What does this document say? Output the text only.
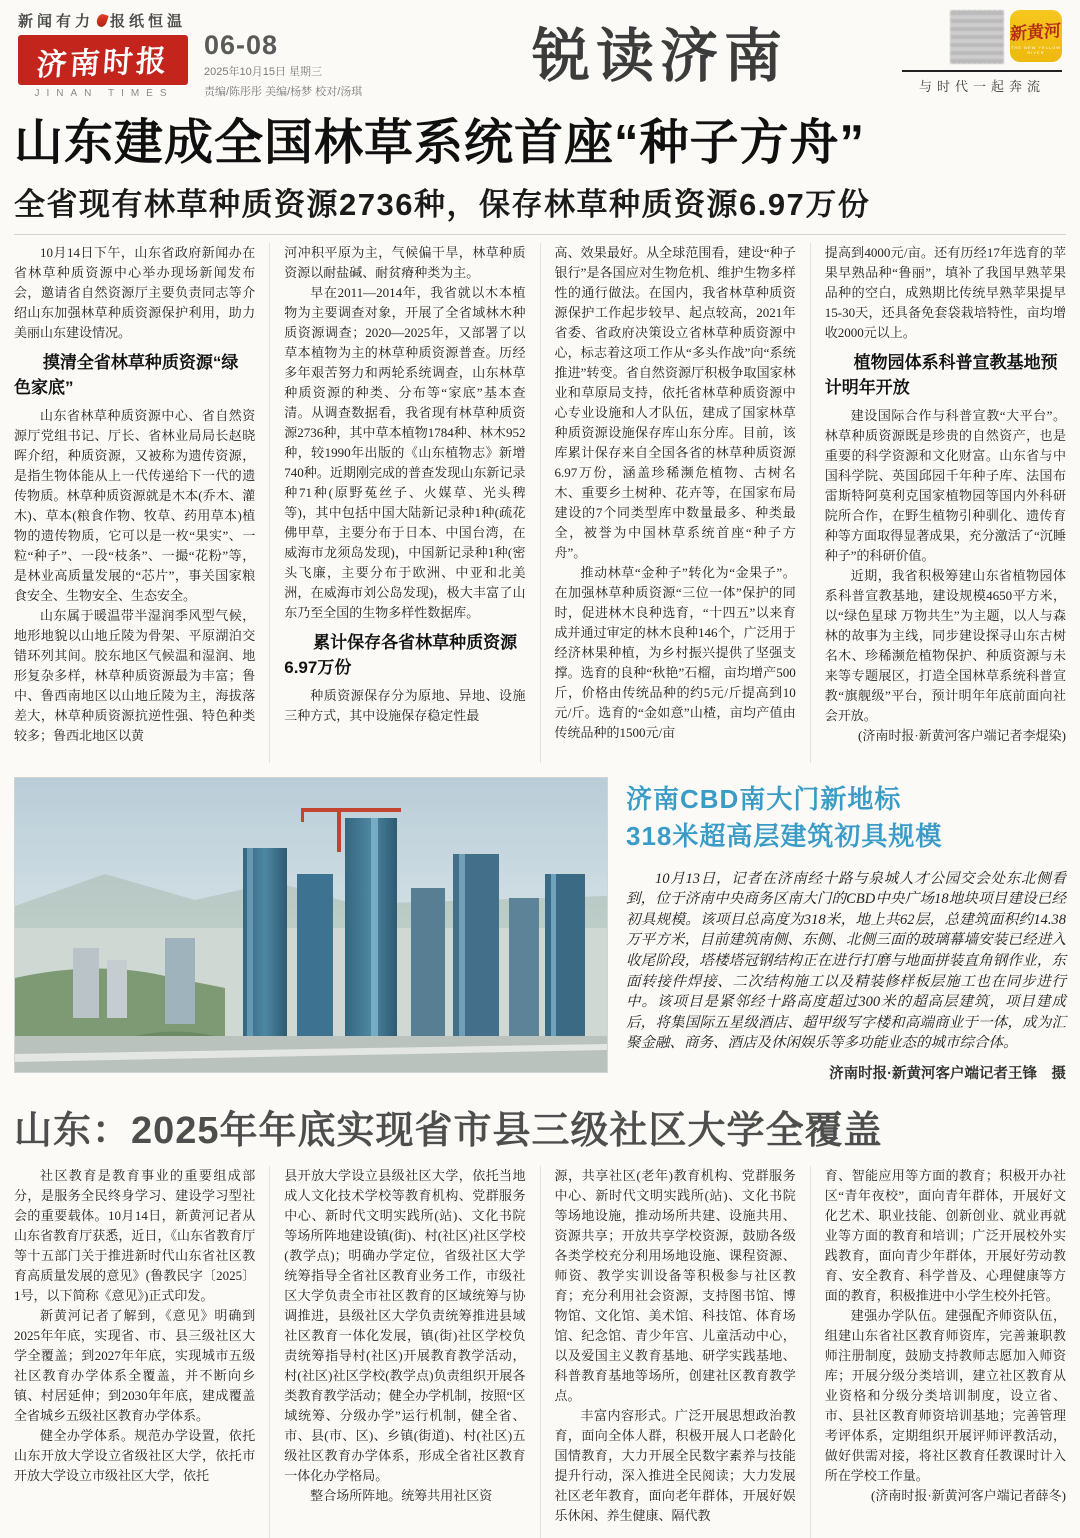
新闻有力 报纸恒温
济南时报
JINAN TIMES
06-08
2025年10月15日 星期三
责编/陈彤彤 美编/杨梦 校对/汤琪
锐读济南	新黄河
THE NEW YELLOW RIVER
与时代一起奔流
山东建成全国林草系统首座“种子方舟”
全省现有林草种质资源2736种，保存林草种质资源6.97万份

10月14日下午，山东省政府新闻办在省林草种质资源中心举办现场新闻发布会，邀请省自然资源厅主要负责同志等介绍山东加强林草种质资源保护利用，助力美丽山东建设情况。

摸清全省林草种质资源“绿色家底”

山东省林草种质资源中心、省自然资源厅党组书记、厅长、省林业局局长赵晓晖介绍，种质资源，又被称为遗传资源，是指生物体能从上一代传递给下一代的遗传物质。林草种质资源就是木本(乔木、灌木)、草本(粮食作物、牧草、药用草本)植物的遗传物质，它可以是一枚“果实”、一粒“种子”、一段“枝条”、一撮“花粉”等，是林业高质量发展的“芯片”，事关国家粮食安全、生物安全、生态安全。

山东属于暖温带半湿润季风型气候，地形地貌以山地丘陵为骨架、平原湖泊交错环列其间。胶东地区气候温和湿润、地形复杂多样，林草种质资源最为丰富；鲁中、鲁西南地区以山地丘陵为主，海拔落差大，林草种质资源抗逆性强、特色种类较多；鲁西北地区以黄

河冲积平原为主，气候偏干旱，林草种质资源以耐盐碱、耐贫瘠种类为主。

早在2011—2014年，我省就以木本植物为主要调查对象，开展了全省域林木种质资源调查；2020—2025年，又部署了以草本植物为主的林草种质资源普查。历经多年艰苦努力和两轮系统调查，山东林草种质资源的种类、分布等“家底”基本查清。从调查数据看，我省现有林草种质资源2736种，其中草本植物1784种、林木952种，较1990年出版的《山东植物志》新增740种。近期刚完成的普查发现山东新记录种71种(原野菟丝子、火媒草、光头稗等)，其中包括中国大陆新记录种1种(疏花佛甲草，主要分布于日本、中国台湾，在威海市龙须岛发现)，中国新记录种1种(密头飞廉，主要分布于欧洲、中亚和北美洲，在威海市刘公岛发现)，极大丰富了山东乃至全国的生物多样性数据库。

累计保存各省林草种质资源6.97万份

种质资源保存分为原地、异地、设施三种方式，其中设施保存稳定性最

高、效果最好。从全球范围看，建设“种子银行”是各国应对生物危机、维护生物多样性的通行做法。在国内，我省林草种质资源保护工作起步较早、起点较高，2021年省委、省政府决策设立省林草种质资源中心，标志着这项工作从“多头作战”向“系统推进”转变。省自然资源厅积极争取国家林业和草原局支持，依托省林草种质资源中心专业设施和人才队伍，建成了国家林草种质资源设施保存库山东分库。目前，该库累计保存来自全国各省的林草种质资源6.97万份，涵盖珍稀濒危植物、古树名木、重要乡土树种、花卉等，在国家布局建设的7个同类型库中数量最多、种类最全，被誉为中国林草系统首座“种子方舟”。

推动林草“金种子”转化为“金果子”。在加强林草种质资源“三位一体”保护的同时，促进林木良种选育，“十四五”以来育成并通过审定的林木良种146个，广泛用于经济林果种植，为乡村振兴提供了坚强支撑。选育的良种“秋艳”石榴，亩均增产500斤，价格由传统品种的约5元/斤提高到10元/斤。选育的“金如意”山楂，亩均产值由传统品种的1500元/亩

提高到4000元/亩。还有历经17年选育的苹果早熟品种“鲁丽”，填补了我国早熟苹果品种的空白，成熟期比传统早熟苹果提早15-30天，还具备免套袋栽培特性，亩均增收2000元以上。

植物园体系科普宣教基地预计明年开放

建设国际合作与科普宣教“大平台”。林草种质资源既是珍贵的自然资产，也是重要的科学资源和文化财富。山东省与中国科学院、英国邱园千年种子库、法国布雷斯特阿莫利克国家植物园等国内外科研院所合作，在野生植物引种驯化、遗传育种等方面取得显著成果，充分激活了“沉睡种子”的科研价值。

近期，我省积极筹建山东省植物园体系科普宣教基地，建设规模4650平方米，以“绿色星球 万物共生”为主题，以人与森林的故事为主线，同步建设探寻山东古树名木、珍稀濒危植物保护、种质资源与未来等专题展区，打造全国林草系统科普宣教“旗舰级”平台，预计明年年底前面向社会开放。

(济南时报·新黄河客户端记者李焜染)

济南CBD南大门新地标
318米超高层建筑初具规模

10月13日，记者在济南经十路与泉城人才公园交会处东北侧看到，位于济南中央商务区南大门的CBD中央广场18地块项目建设已经初具规模。该项目总高度为318米，地上共62层，总建筑面积约14.38万平方米，目前建筑南侧、东侧、北侧三面的玻璃幕墙安装已经进入收尾阶段，塔楼塔冠钢结构正在进行打磨与地面拼装直角钢作业，东面转接件焊接、二次结构施工以及精装修样板层施工也在同步进行中。该项目是紧邻经十路高度超过300米的超高层建筑，项目建成后，将集国际五星级酒店、超甲级写字楼和高端商业于一体，成为汇聚金融、商务、酒店及休闲娱乐等多功能业态的城市综合体。

济南时报·新黄河客户端记者王锋　摄
山东：2025年年底实现省市县三级社区大学全覆盖

社区教育是教育事业的重要组成部分，是服务全民终身学习、建设学习型社会的重要载体。10月14日，新黄河记者从山东省教育厅获悉，近日，《山东省教育厅等十五部门关于推进新时代山东省社区教育高质量发展的意见》(鲁教民字〔2025〕1号，以下简称《意见》)正式印发。

新黄河记者了解到，《意见》明确到2025年年底，实现省、市、县三级社区大学全覆盖；到2027年年底，实现城市五级社区教育办学体系全覆盖，并不断向乡镇、村居延伸；到2030年年底，建成覆盖全省城乡五级社区教育办学体系。

健全办学体系。规范办学设置，依托山东开放大学设立省级社区大学，依托市开放大学设立市级社区大学，依托

县开放大学设立县级社区大学，依托当地成人文化技术学校等教育机构、党群服务中心、新时代文明实践所(站)、文化书院等场所阵地建设镇(街)、村(社区)社区学校(教学点)；明确办学定位，省级社区大学统筹指导全省社区教育业务工作，市级社区大学负责全市社区教育的区域统筹与协调推进，县级社区大学负责统筹推进县域社区教育一体化发展，镇(街)社区学校负责统筹指导村(社区)开展教育教学活动，村(社区)社区学校(教学点)负责组织开展各类教育教学活动；健全办学机制，按照“区域统筹、分级办学”运行机制，健全省、市、县(市、区)、乡镇(街道)、村(社区)五级社区教育办学体系，形成全省社区教育一体化办学格局。

整合场所阵地。统筹共用社区资

源，共享社区(老年)教育机构、党群服务中心、新时代文明实践所(站)、文化书院等场地设施，推动场所共建、设施共用、资源共享；开放共享学校资源，鼓励各级各类学校充分利用场地设施、课程资源、师资、教学实训设备等积极参与社区教育；充分利用社会资源，支持图书馆、博物馆、文化馆、美术馆、科技馆、体育场馆、纪念馆、青少年宫、儿童活动中心，以及爱国主义教育基地、研学实践基地、科普教育基地等场所，创建社区教育教学点。

丰富内容形式。广泛开展思想政治教育，面向全体人群，积极开展人口老龄化国情教育，大力开展全民数字素养与技能提升行动，深入推进全民阅读；大力发展社区老年教育，面向老年群体，开展好娱乐休闲、养生健康、隔代教

育、智能应用等方面的教育；积极开办社区“青年夜校”，面向青年群体，开展好文化艺术、职业技能、创新创业、就业再就业等方面的教育和培训；广泛开展校外实践教育，面向青少年群体，开展好劳动教育、安全教育、科学普及、心理健康等方面的教育，积极推进中小学生校外托管。

建强办学队伍。建强配齐师资队伍，组建山东省社区教育师资库，完善兼职教师注册制度，鼓励支持教师志愿加入师资库；开展分级分类培训，建立社区教育从业资格和分级分类培训制度，设立省、市、县社区教育师资培训基地；完善管理考评体系，定期组织开展评师评教活动，做好供需对接，将社区教育任教课时计入所在学校工作量。

(济南时报·新黄河客户端记者薛冬)
